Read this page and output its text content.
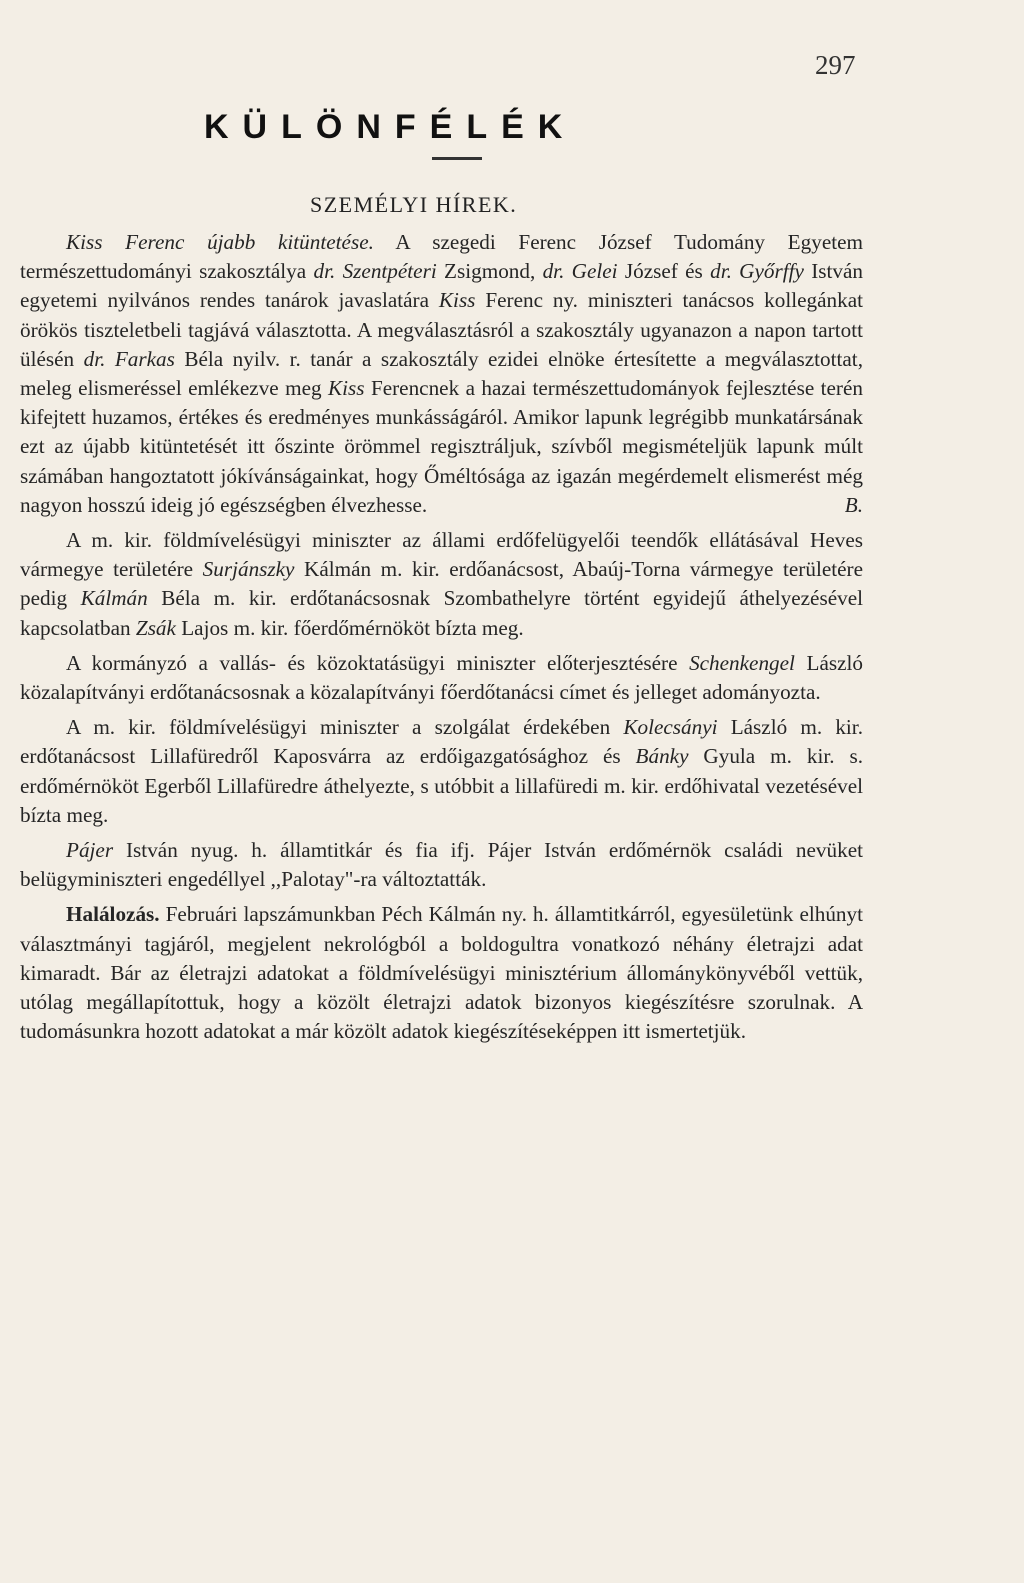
297
KÜLÖNFÉLÉK
SZEMÉLYI HÍREK.

Kiss Ferenc újabb kitüntetése. A szegedi Ferenc József Tudomány Egyetem természettudományi szakosztálya dr. Szentpéteri Zsigmond, dr. Gelei József és dr. Győrffy István egyetemi nyilvános rendes tanárok javaslatára Kiss Ferenc ny. miniszteri tanácsos kollegánkat örökös tiszteletbeli tagjává választotta. A megválasztásról a szakosztály ugyanazon a napon tartott ülésén dr. Farkas Béla nyilv. r. tanár a szakosztály ezidei elnöke értesítette a megválasztottat, meleg elismeréssel emlékezve meg Kiss Ferencnek a hazai természettudományok fejlesztése terén kifejtett huzamos, értékes és eredményes munkásságáról. Amikor lapunk legrégibb munkatársának ezt az újabb kitüntetését itt őszinte örömmel regisztráljuk, szívből megismételjük lapunk múlt számában hangoztatott jókívánságainkat, hogy Őméltósága az igazán megérdemelt elismerést még nagyon hosszú ideig jó egészségben élvezhesse.	B.

A m. kir. földmívelésügyi miniszter az állami erdőfelügyelői teendők ellátásával Heves vármegye területére Surjánszky Kálmán m. kir. erdőanácsost, Abaúj-Torna vármegye területére pedig Kálmán Béla m. kir. erdőtanácsosnak Szombathelyre történt egyidejű áthelyezésével kapcsolatban Zsák Lajos m. kir. főerdőmérnököt bízta meg.

A kormányzó a vallás- és közoktatásügyi miniszter előterjesztésére Schenkengel László közalapítványi erdőtanácsosnak a közalapítványi főerdőtanácsi címet és jelleget adományozta.

A m. kir. földmívelésügyi miniszter a szolgálat érdekében Kolecsányi László m. kir. erdőtanácsost Lillafüredről Kaposvárra az erdőigazgatósághoz és Bánky Gyula m. kir. s. erdőmérnököt Egerből Lillafüredre áthelyezte, s utóbbit a lillafüredi m. kir. erdőhivatal vezetésével bízta meg.

Pájer István nyug. h. államtitkár és fia ifj. Pájer István erdőmérnök családi nevüket belügyminiszteri engedéllyel ,,Palotay"-ra változtatták.

Halálozás. Februári lapszámunkban Péch Kálmán ny. h. államtitkárról, egyesületünk elhúnyt választmányi tagjáról, megjelent nekrológból a boldogultra vonatkozó néhány életrajzi adat kimaradt. Bár az életrajzi adatokat a földmívelésügyi minisztérium állománykönyvéből vettük, utólag megállapítottuk, hogy a közölt életrajzi adatok bizonyos kiegészítésre szorulnak. A tudomásunkra hozott adatokat a már közölt adatok kiegészítéseképpen itt ismertetjük.
